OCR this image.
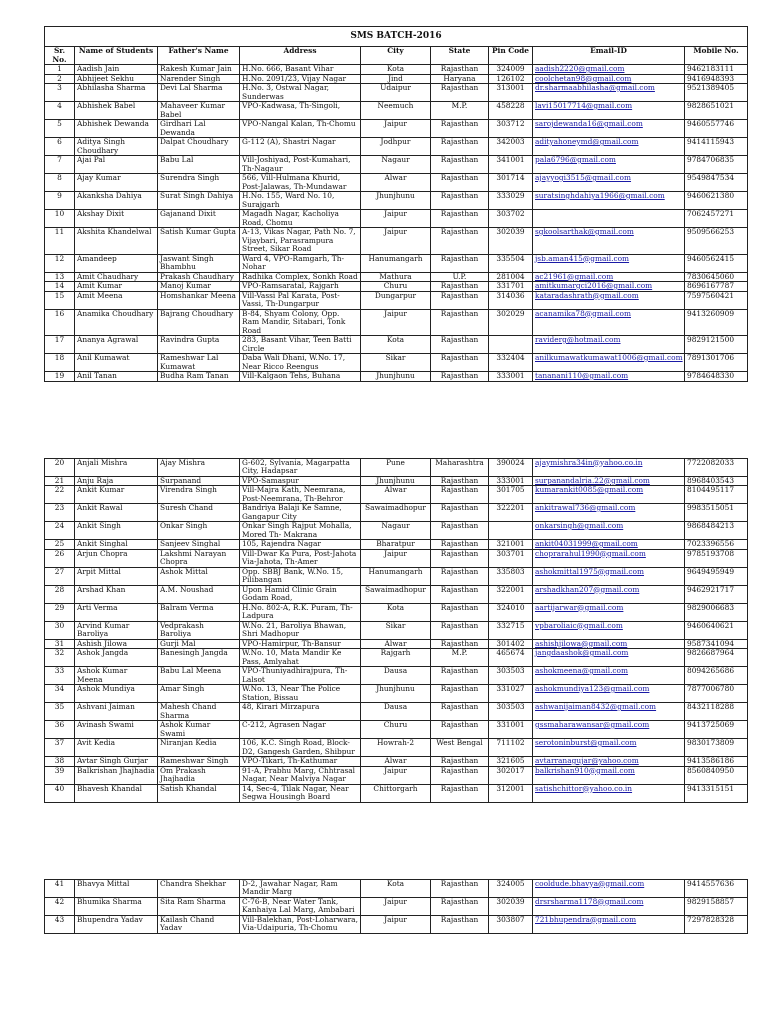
SMS BATCH-2016								
Sr. No.	Name of Students	Father's Name	Address	City	State	Pin Code	Email-ID	Mobile No.
1	Aadish Jain	Rakesh Kumar Jain	H.No. 666, Basant Vihar	Kota	Rajasthan	324009	aadish2220@gmail.com	9462183111
2	Abhijeet Sekhu	Narender Singh	H.No. 2091/23, Vijay Nagar	Jind	Haryana	126102	coolchetan98@gmail.com	9416948393
3	Abhilasha Sharma	Devi Lal Sharma	H.No. 3, Ostwal Nagar, Sunderwas	Udaipur	Rajasthan	313001	dr.sharmaabhilasha@gmail.com	9521389405
4	Abhishek Babel	Mahaveer Kumar Babel	VPO-Kadwasa, Th-Singoli,	Neemuch	M.P.	458228	lavi15017714@gmail.com	9828651021
5	Abhishek Dewanda	Girdhari Lal Dewanda	VPO-Nangal Kalan, Th-Chomu	Jaipur	Rajasthan	303712	sarojdewanda16@gmail.com	9460557746
6	Aditya Singh Choudhary	Dalpat Choudhary	G-112 (A), Shastri Nagar	Jodhpur	Rajasthan	342003	adityahoneymd@gmail.com	9414115943
7	Ajai Pal	Babu Lal	Vill-Joshiyad, Post-Kumahari, Th-Nagaur	Nagaur	Rajasthan	341001	pala6796@gmail.com	9784706835
8	Ajay Kumar	Surendra Singh	566, Vill-Hulmana Khurid, Post-Jalawas, Th-Mundawar	Alwar	Rajasthan	301714	ajayyogi3515@gmail.com	9549847534
9	Akanksha Dahiya	Surat Singh Dahiya	H.No. 155, Ward No. 10, Surajgarh	Jhunjhunu	Rajasthan	333029	suratsinghdahiya1966@gmail.com	9460621380
10	Akshay Dixit	Gajanand Dixit	Magadh Nagar, Kacholiya Road, Chomu	Jaipur	Rajasthan	303702		7062457271
11	Akshita Khandelwal	Satish Kumar Gupta	A-13, Vikas Nagar, Path No. 7, Vijaybari, Parasrampura Street, Sikar Road	Jaipur	Rajasthan	302039	sgkoolsarthak@gmail.com	9509566253
12	Amandeep	Jaswant Singh Bhambhu	Ward 4, VPO-Ramgarh, Th-Nohar	Hanumangarh	Rajasthan	335504	jsb.aman415@gmail.com	9460562415
13	Amit Chaudhary	Prakash Chaudhary	Radhika Complex, Sonkh Road	Mathura	U.P.	281004	ac21961@gmail.com	7830645060
14	Amit Kumar	Manoj Kumar	VPO-Ramsaratal, Rajgarh	Churu	Rajasthan	331701	amitkumargci2016@gmail.com	8696167787
15	Amit Meena	Homshankar Meena	Vill-Vassi Pal Karata, Post-Vassi, Th-Dungarpur	Dungarpur	Rajasthan	314036	kataradashrath@gmail.com	7597560421
16	Anamika Choudhary	Bajrang Choudhary	B-84, Shyam Colony, Opp. Ram Mandir, Sitabari, Tonk Road	Jaipur	Rajasthan	302029	acanamika78@gmail.com	9413260909
17	Ananya Agrawal	Ravindra Gupta	283, Basant Vihar, Teen Batti Circle	Kota	Rajasthan		raviderg@hotmail.com	9829121500
18	Anil Kumawat	Rameshwar Lal Kumawat	Daba Wali Dhani, W.No. 17, Near Ricco Reengus	Sikar	Rajasthan	332404	anilkumawatkumawat1006@gmail.com	7891301706
19	Anil Tanan	Budha Ram Tanan	Vill-Kalgaon Tehs, Buhana	Jhunjhunu	Rajasthan	333001	tananani110@gmail.com	9784648330
20	Anjali Mishra	Ajay Mishra	G-602, Sylvania, Magarpatta City, Hadapsar	Pune	Maharashtra	390024	ajaymishra34in@yahoo.co.in	7722082033
21	Anju Raja	Surpanand	VPO-Samaspur	Jhunjhunu	Rajasthan	333001	surpanandalria.22@gmail.com	8968403543
22	Ankit Kumar	Virendra Singh	Vill-Majra Kath, Neemrana, Post-Neemrana, Th-Behror	Alwar	Rajasthan	301705	kumarankit0085@gmail.com	8104495117
23	Ankit Rawal	Suresh Chand	Bandriya Balaji Ke Samne, Gangapur City	Sawaimadhopur	Rajasthan	322201	ankitrawal736@gmail.com	9983515051
24	Ankit Singh	Onkar Singh	Onkar Singh Rajput Mohalla, Mored Th- Makrana	Nagaur	Rajasthan		onkarsingh@gmail.com	9868484213
25	Ankit Singhal	Sanjeev Singhal	105, Rajendra Nagar	Bharatpur	Rajasthan	321001	ankit04031999@gmail.com	7023396556
26	Arjun Chopra	Lakshmi Narayan Chopra	Vill-Dwar Ka Pura, Post-Jahota Via-Jahota, Th-Amer	Jaipur	Rajasthan	303701	choprarahul1990@gmail.com	9785193708
27	Arpit Mittal	Ashok Mittal	Opp. SBBJ Bank, W.No. 15, Pilibangan	Hanumangarh	Rajasthan	335803	ashokmittal1975@gmail.com	9649495949
28	Arshad Khan	A.M. Noushad	Upon Hamid Clinic Grain Godam Road,	Sawaimadhopur	Rajasthan	322001	arshadkhan207@gmail.com	9462921717
29	Arti Verma	Balram Verma	H.No. 802-A, R.K. Puram, Th-Ladpura	Kota	Rajasthan	324010	aartijarwar@gmail.com	9829006683
30	Arvind Kumar Baroliya	Vedprakash Baroliya	W.No. 21, Baroliya Bhawan, Shri Madhopur	Sikar	Rajasthan	332715	vpbaroliaic@gmail.com	9460640621
31	Ashish Jilowa	Gurji Mal	VPO-Hamirpur, Th-Bansur	Alwar	Rajasthan	301402	ashishjilowa@gmail.com	9587341094
32	Ashok Jangda	Banesingh Jangda	W.No. 10, Mata Mandir Ke Pass, Amlyahat	Rajgarh	M.P.	465674	jangdaashok@gmail.com	9826687964
33	Ashok Kumar Meena	Babu Lal Meena	VPO-Thuniyadhirajpura, Th-Lalsot	Dausa	Rajasthan	303503	ashokmeena@gmail.com	8094265686
34	Ashok Mundiya	Amar Singh	W.No. 13, Near The Police Station, Bissau	Jhunjhunu	Rajasthan	331027	ashokmundiya123@gmail.com	7877006780
35	Ashvani Jaiman	Mahesh Chand Sharma	48, Kirari Mirzapura	Dausa	Rajasthan	303503	ashwanijaiman8432@gmail.com	8432118288
36	Avinash Swami	Ashok Kumar Swami	C-212, Agrasen Nagar	Churu	Rajasthan	331001	gssmaharawansar@gmail.com	9413725069
37	Avit Kedia	Niranjan Kedia	106, K.C. Singh Road, Block-D2, Gangesh Garden, Shibpur	Howrah-2	West Bengal	711102	serotoninburst@gmail.com	9830173809
38	Avtar Singh Gurjar	Rameshwar Singh	VPO-Tikari, Th-Kathumar	Alwar	Rajasthan	321605	avtarranagujar@yahoo.com	9413586186
39	Balkrishan Jhajhadia	Om Prakash Jhajhadia	91-A, Prabhu Marg, Chhtrasal Nagar, Near Malviya Nagar	Jaipur	Rajasthan	302017	balkrishan910@gmail.com	8560840950
40	Bhavesh Khandal	Satish Khandal	14, Sec-4, Tilak Nagar, Near Segwa Housingh Board	Chittorgarh	Rajasthan	312001	satishchittor@yahoo.co.in	9413315151
41	Bhavya Mittal	Chandra Shekhar	D-2, Jawahar Nagar, Ram Mandir Marg	Kota	Rajasthan	324005	cooldude.bhavya@gmail.com	9414557636
42	Bhumika Sharma	Sita Ram Sharma	C-76-B, Near Water Tank, Kanhaiya Lal Marg, Ambabari	Jaipur	Rajasthan	302039	drsrsharma1178@gmail.com	9829158857
43	Bhupendra Yadav	Kailash Chand Yadav	Vill-Balekhan, Post-Loharwara, Via-Udaipuria, Th-Chomu	Jaipur	Rajasthan	303807	721bhupendra@gmail.com	7297828328
